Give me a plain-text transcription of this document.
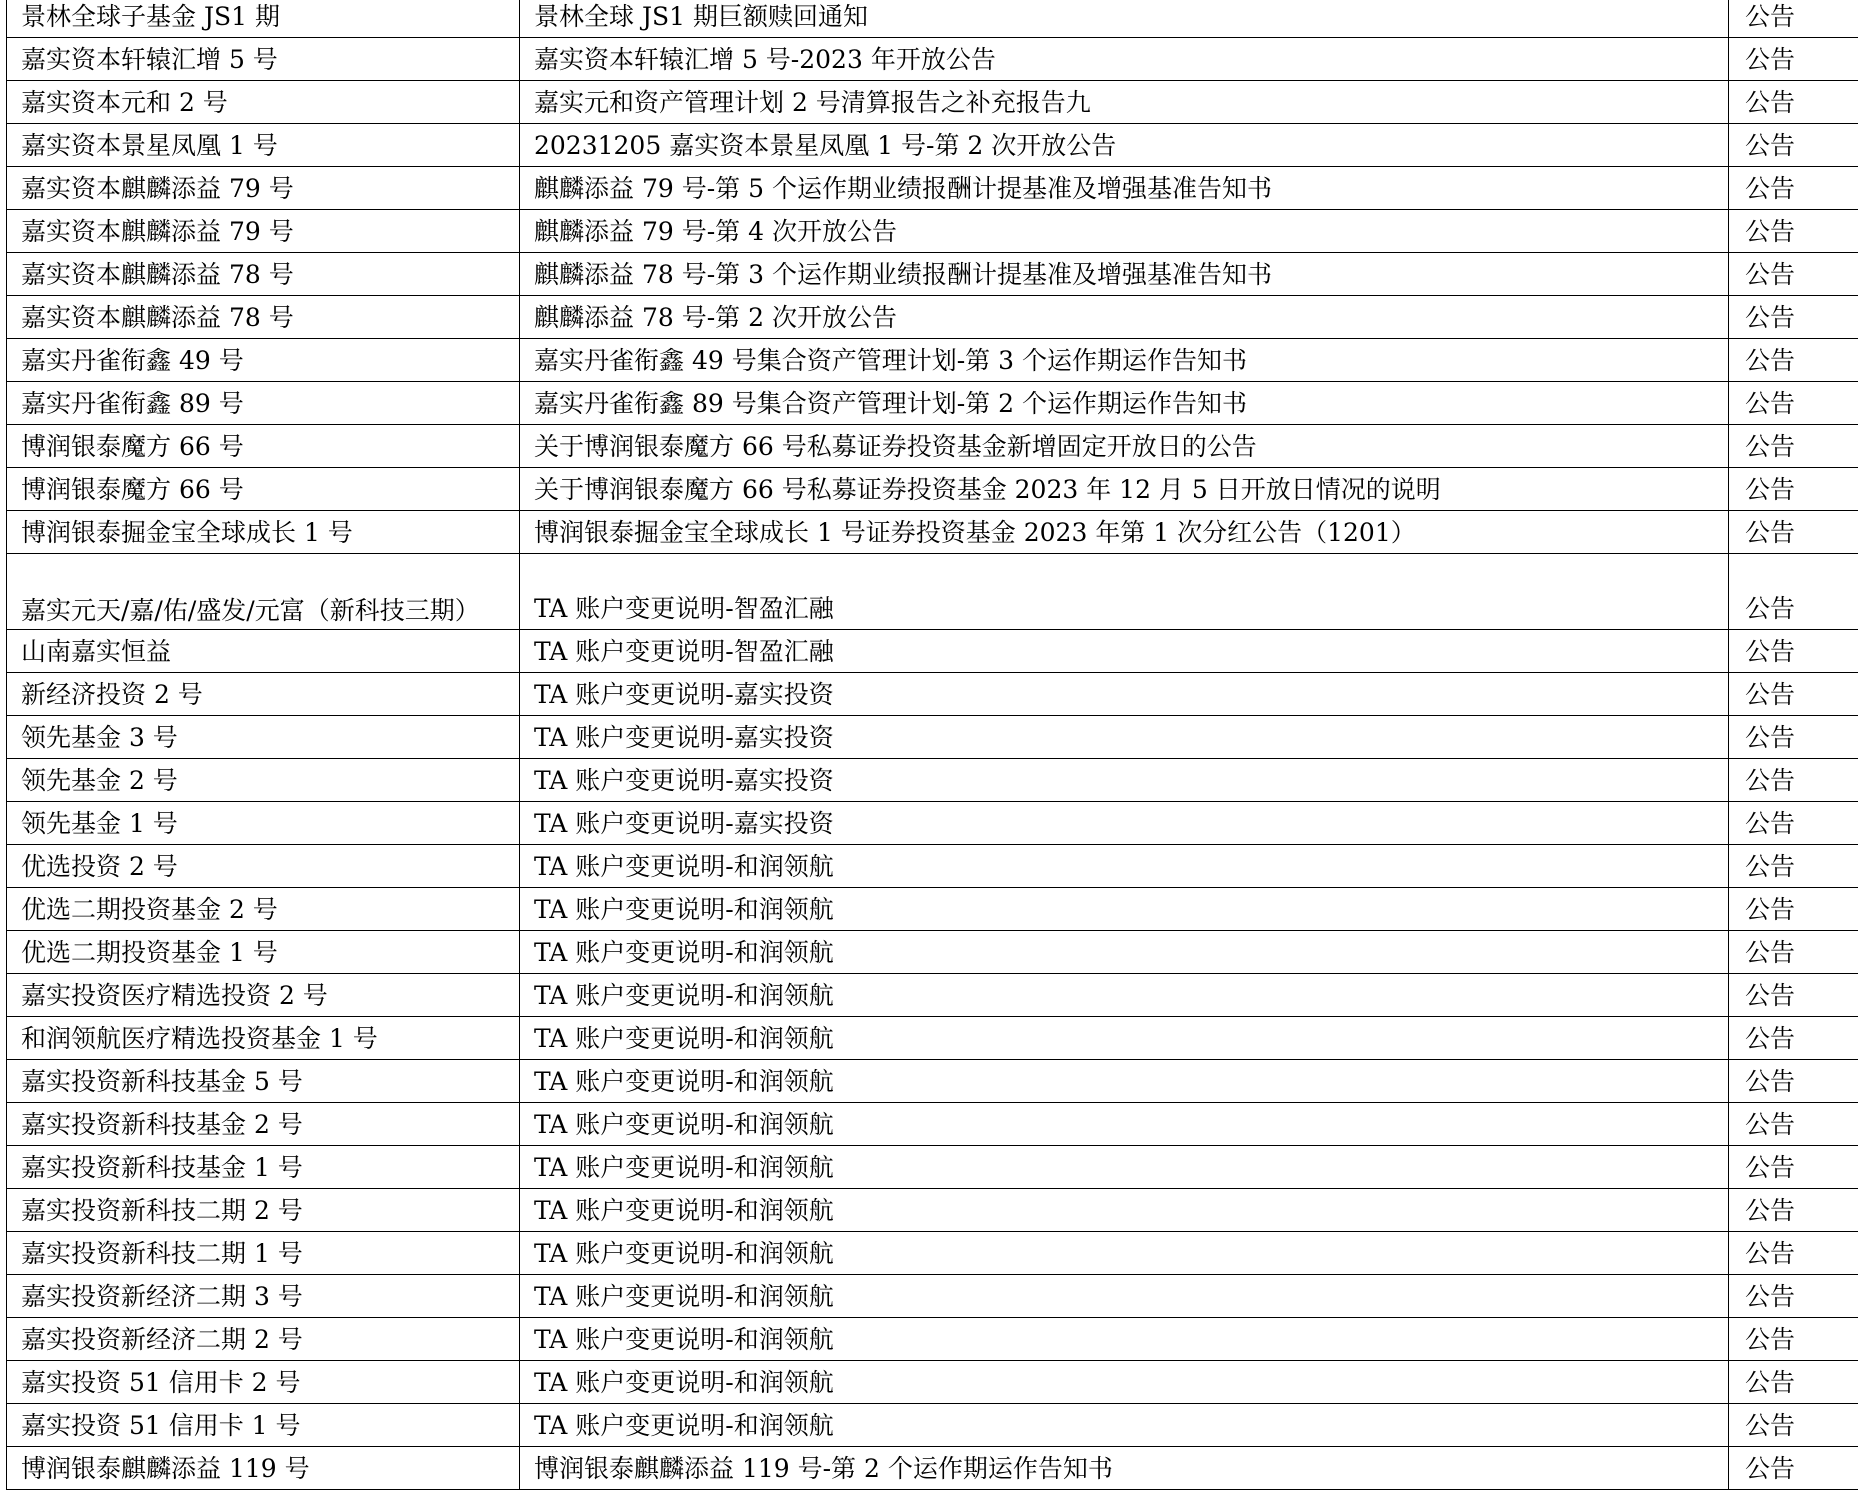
景林全球子基金 JS1 期	景林全球 JS1 期巨额赎回通知	公告
嘉实资本轩辕汇增 5 号	嘉实资本轩辕汇增 5 号-2023 年开放公告	公告
嘉实资本元和 2 号	嘉实元和资产管理计划 2 号清算报告之补充报告九	公告
嘉实资本景星凤凰 1 号	20231205 嘉实资本景星凤凰 1 号-第 2 次开放公告	公告
嘉实资本麒麟添益 79 号	麒麟添益 79 号-第 5 个运作期业绩报酬计提基准及增强基准告知书	公告
嘉实资本麒麟添益 79 号	麒麟添益 79 号-第 4 次开放公告	公告
嘉实资本麒麟添益 78 号	麒麟添益 78 号-第 3 个运作期业绩报酬计提基准及增强基准告知书	公告
嘉实资本麒麟添益 78 号	麒麟添益 78 号-第 2 次开放公告	公告
嘉实丹雀衔鑫 49 号	嘉实丹雀衔鑫 49 号集合资产管理计划-第 3 个运作期运作告知书	公告
嘉实丹雀衔鑫 89 号	嘉实丹雀衔鑫 89 号集合资产管理计划-第 2 个运作期运作告知书	公告
博润银泰魔方 66 号	关于博润银泰魔方 66 号私募证券投资基金新增固定开放日的公告	公告
博润银泰魔方 66 号	关于博润银泰魔方 66 号私募证券投资基金 2023 年 12 月 5 日开放日情况的说明	公告
博润银泰掘金宝全球成长 1 号	博润银泰掘金宝全球成长 1 号证券投资基金 2023 年第 1 次分红公告（1201）	公告
嘉实元天/嘉/佑/盛发/元富（新科技三期）	TA 账户变更说明-智盈汇融	公告
山南嘉实恒益	TA 账户变更说明-智盈汇融	公告
新经济投资 2 号	TA 账户变更说明-嘉实投资	公告
领先基金 3 号	TA 账户变更说明-嘉实投资	公告
领先基金 2 号	TA 账户变更说明-嘉实投资	公告
领先基金 1 号	TA 账户变更说明-嘉实投资	公告
优选投资 2 号	TA 账户变更说明-和润领航	公告
优选二期投资基金 2 号	TA 账户变更说明-和润领航	公告
优选二期投资基金 1 号	TA 账户变更说明-和润领航	公告
嘉实投资医疗精选投资 2 号	TA 账户变更说明-和润领航	公告
和润领航医疗精选投资基金 1 号	TA 账户变更说明-和润领航	公告
嘉实投资新科技基金 5 号	TA 账户变更说明-和润领航	公告
嘉实投资新科技基金 2 号	TA 账户变更说明-和润领航	公告
嘉实投资新科技基金 1 号	TA 账户变更说明-和润领航	公告
嘉实投资新科技二期 2 号	TA 账户变更说明-和润领航	公告
嘉实投资新科技二期 1 号	TA 账户变更说明-和润领航	公告
嘉实投资新经济二期 3 号	TA 账户变更说明-和润领航	公告
嘉实投资新经济二期 2 号	TA 账户变更说明-和润领航	公告
嘉实投资 51 信用卡 2 号	TA 账户变更说明-和润领航	公告
嘉实投资 51 信用卡 1 号	TA 账户变更说明-和润领航	公告
博润银泰麒麟添益 119 号	博润银泰麒麟添益 119 号-第 2 个运作期运作告知书	公告
